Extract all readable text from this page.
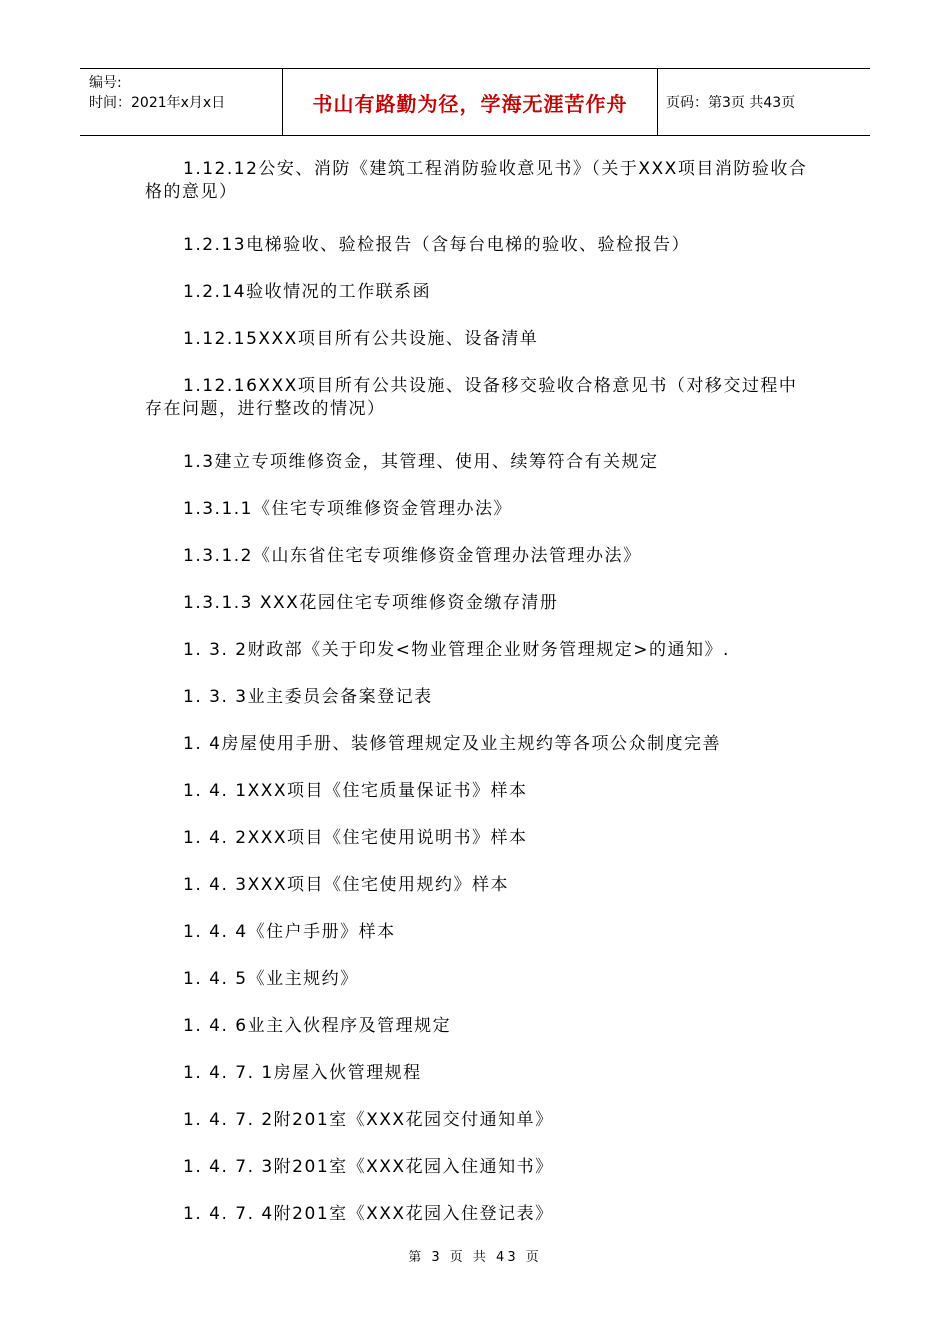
编号:
时间：2021年x月x日	书山有路勤为径，学海无涯苦作舟	页码：第3页 共43页

1.12.12公安、消防《建筑工程消防验收意见书》（关于XXX项目消防验收合格的意见）

1.2.13电梯验收、验检报告（含每台电梯的验收、验检报告）

1.2.14验收情况的工作联系函

1.12.15XXX项目所有公共设施、设备清单

1.12.16XXX项目所有公共设施、设备移交验收合格意见书（对移交过程中存在问题，进行整改的情况）

1.3建立专项维修资金，其管理、使用、续筹符合有关规定

1.3.1.1《住宅专项维修资金管理办法》

1.3.1.2《山东省住宅专项维修资金管理办法管理办法》

1.3.1.3 XXX花园住宅专项维修资金缴存清册

1. 3. 2财政部《关于印发<物业管理企业财务管理规定>的通知》.

1. 3. 3业主委员会备案登记表

1. 4房屋使用手册、装修管理规定及业主规约等各项公众制度完善

1. 4. 1XXX项目《住宅质量保证书》样本

1. 4. 2XXX项目《住宅使用说明书》样本

1. 4. 3XXX项目《住宅使用规约》样本

1. 4. 4《住户手册》样本

1. 4. 5《业主规约》

1. 4. 6业主入伙程序及管理规定

1. 4. 7. 1房屋入伙管理规程

1. 4. 7. 2附201室《XXX花园交付通知单》

1. 4. 7. 3附201室《XXX花园入住通知书》

1. 4. 7. 4附201室《XXX花园入住登记表》

第 3 页 共 43 页
